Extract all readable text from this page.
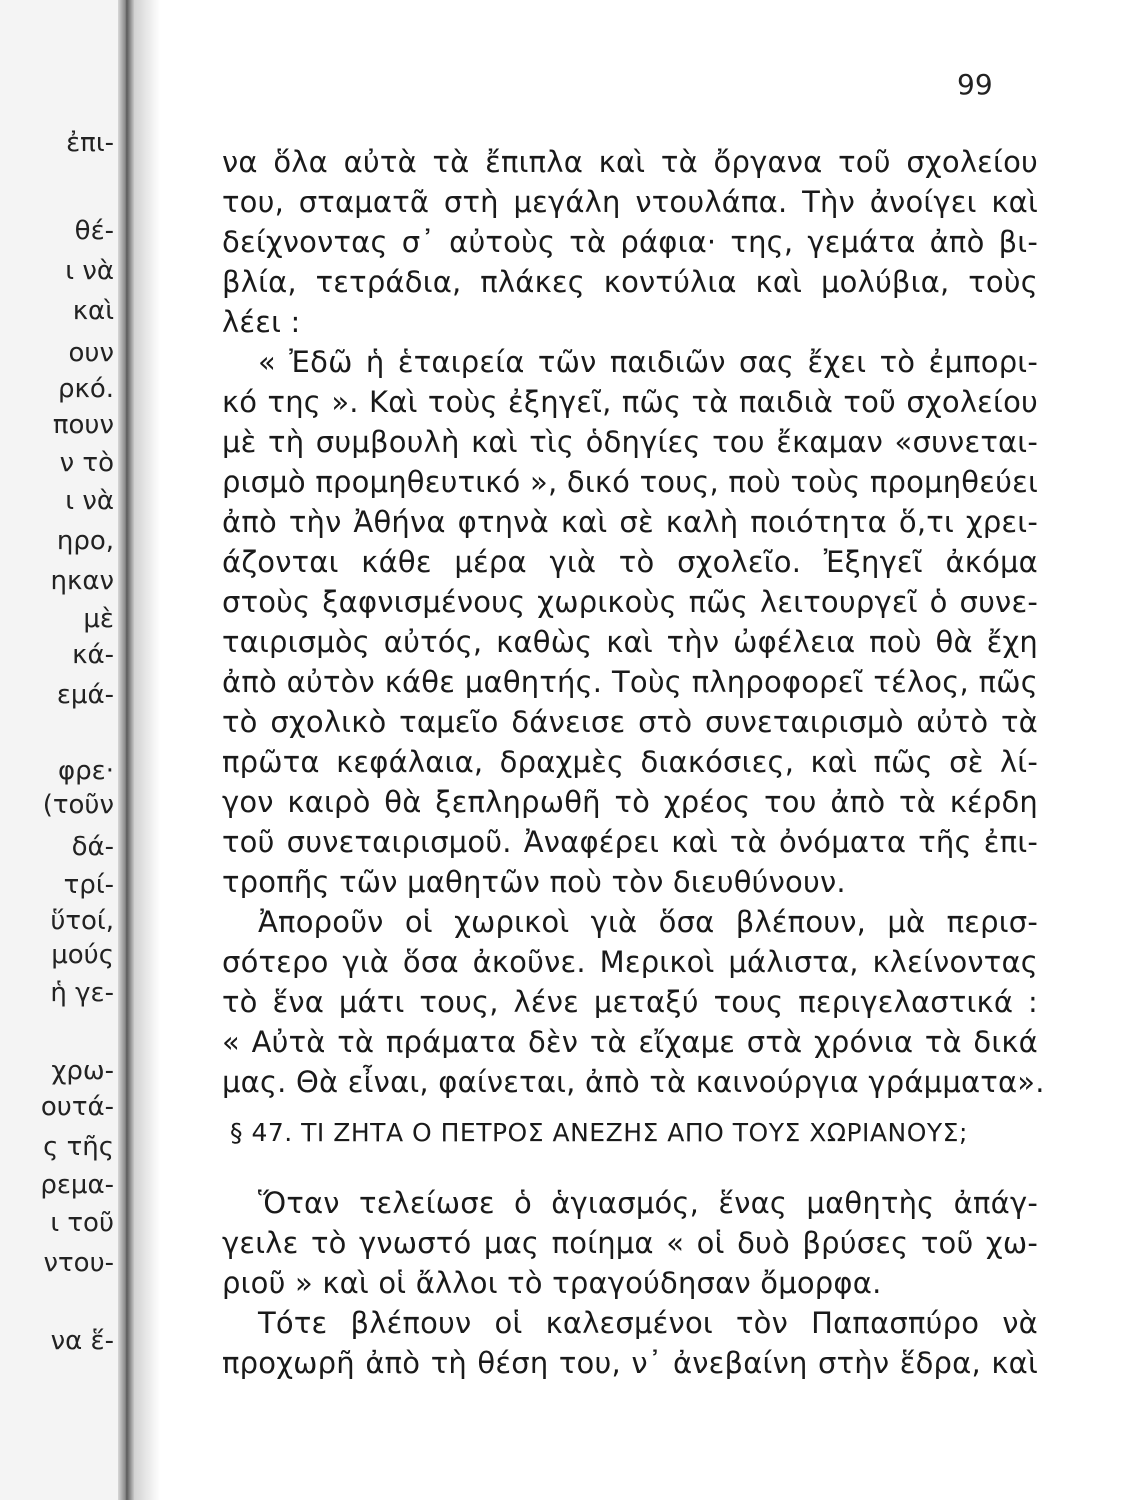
ἐπι-
θέ-
ι νὰ
καὶ
ουν
ρκό.
πουν
ν τὸ
ι νὰ
ηρο,
ηκαν
μὲ
κά-
εμά-
φρε·
(τοῦν
δά-
τρί-
ὕτοί,
μούς
ἡ γε-
χρω-
ουτά-
ς τῆς
ρεμα-
ι τοῦ
ντου-
να ἕ-
99
να ὅλα αὐτὰ τὰ ἔπιπλα καὶ τὰ ὄργανα τοῦ σχολείου
του, σταματᾶ στὴ μεγάλη ντουλάπα. Τὴν ἀνοίγει καὶ
δείχνοντας σ᾽ αὐτοὺς τὰ ράφια· της, γεμάτα ἀπὸ βι-
βλία, τετράδια, πλάκες κοντύλια καὶ μολύβια, τοὺς
λέει :
« Ἐδῶ ἡ ἑταιρεία τῶν παιδιῶν σας ἔχει τὸ ἐμπορι-
κό της ». Καὶ τοὺς ἐξηγεῖ, πῶς τὰ παιδιὰ τοῦ σχολείου
μὲ τὴ συμβουλὴ καὶ τὶς ὁδηγίες του ἔκαμαν «συνεται-
ρισμὸ προμηθευτικό », δικό τους, ποὺ τοὺς προμηθεύει
ἀπὸ τὴν Ἀθήνα φτηνὰ καὶ σὲ καλὴ ποιότητα ὅ,τι χρει-
άζονται κάθε μέρα γιὰ τὸ σχολεῖο. Ἐξηγεῖ ἀκόμα
στοὺς ξαφνισμένους χωρικοὺς πῶς λειτουργεῖ ὁ συνε-
ταιρισμὸς αὐτός, καθὼς καὶ τὴν ὠφέλεια ποὺ θὰ ἔχη
ἀπὸ αὐτὸν κάθε μαθητής. Τοὺς πληροφορεῖ τέλος, πῶς
τὸ σχολικὸ ταμεῖο δάνεισε στὸ συνεταιρισμὸ αὐτὸ τὰ
πρῶτα κεφάλαια, δραχμὲς διακόσιες, καὶ πῶς σὲ λί-
γον καιρὸ θὰ ξεπληρωθῆ τὸ χρέος του ἀπὸ τὰ κέρδη
τοῦ συνεταιρισμοῦ. Ἀναφέρει καὶ τὰ ὀνόματα τῆς ἐπι-
τροπῆς τῶν μαθητῶν ποὺ τὸν διευθύνουν.
Ἀποροῦν οἱ χωρικοὶ γιὰ ὅσα βλέπουν, μὰ περισ-
σότερο γιὰ ὅσα ἀκοῦνε. Μερικοὶ μάλιστα, κλείνοντας
τὸ ἕνα μάτι τους, λένε μεταξύ τους περιγελαστικά :
« Αὐτὰ τὰ πράματα δὲν τὰ εἴχαμε στὰ χρόνια τὰ δικά
μας. Θὰ εἶναι, φαίνεται, ἀπὸ τὰ καινούργια γράμματα».
§ 47. ΤΙ ΖΗΤΑ Ο ΠΕΤΡΟΣ ΑΝΕΖΗΣ ΑΠΟ ΤΟΥΣ ΧΩΡΙΑΝΟΥΣ;
Ὅταν τελείωσε ὁ ἁγιασμός, ἕνας μαθητὴς ἀπάγ-
γειλε τὸ γνωστό μας ποίημα « οἱ δυὸ βρύσες τοῦ χω-
ριοῦ » καὶ οἱ ἄλλοι τὸ τραγούδησαν ὄμορφα.
Τότε βλέπουν οἱ καλεσμένοι τὸν Παπασπύρο νὰ
προχωρῆ ἀπὸ τὴ θέση του, ν᾽ ἀνεβαίνη στὴν ἕδρα, καὶ
